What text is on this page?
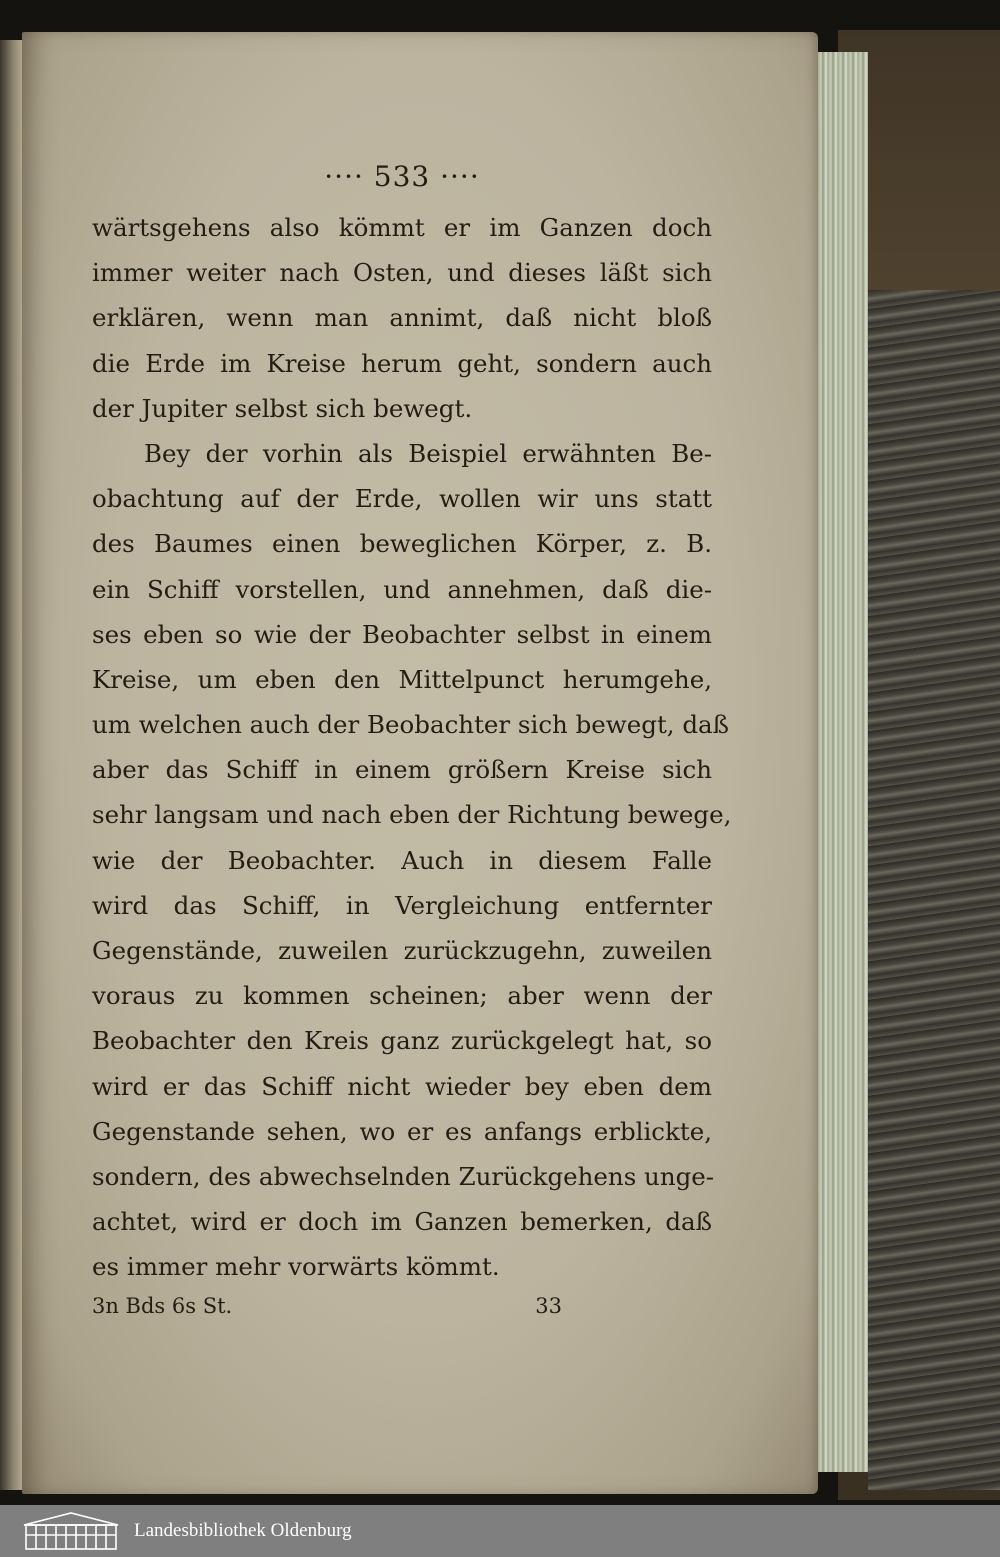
···· 533 ····
wärtsgehens also kömmt er im Ganzen doch
immer weiter nach Osten, und dieses läßt sich
erklären, wenn man annimt, daß nicht bloß
die Erde im Kreise herum geht, sondern auch
der Jupiter selbst sich bewegt.
Bey der vorhin als Beispiel erwähnten Be-
obachtung auf der Erde, wollen wir uns statt
des Baumes einen beweglichen Körper, z. B.
ein Schiff vorstellen, und annehmen, daß die-
ses eben so wie der Beobachter selbst in einem
Kreise, um eben den Mittelpunct herumgehe,
um welchen auch der Beobachter sich bewegt, daß
aber das Schiff in einem größern Kreise sich
sehr langsam und nach eben der Richtung bewege,
wie der Beobachter. Auch in diesem Falle
wird das Schiff, in Vergleichung entfernter
Gegenstände, zuweilen zurückzugehn, zuweilen
voraus zu kommen scheinen; aber wenn der
Beobachter den Kreis ganz zurückgelegt hat, so
wird er das Schiff nicht wieder bey eben dem
Gegenstande sehen, wo er es anfangs erblickte,
sondern, des abwechselnden Zurückgehens unge-
achtet, wird er doch im Ganzen bemerken, daß
es immer mehr vorwärts kömmt.
3n Bds 6s St.	33
Landesbibliothek Oldenburg
